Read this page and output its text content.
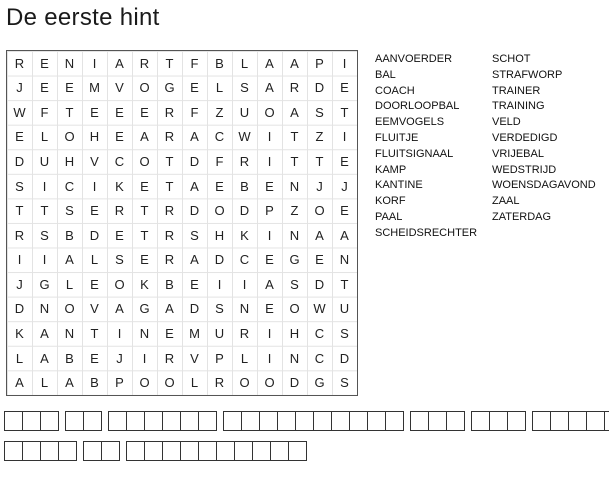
De eerste hint
R	E	N	I	A	R	T	F	B	L	A	A	P	I
J	E	E	M	V	O	G	E	L	S	A	R	D	E
W	F	T	E	E	E	R	F	Z	U	O	A	S	T
E	L	O	H	E	A	R	A	C	W	I	T	Z	I
D	U	H	V	C	O	T	D	F	R	I	T	T	E
S	I	C	I	K	E	T	A	E	B	E	N	J	J
T	T	S	E	R	T	R	D	O	D	P	Z	O	E
R	S	B	D	E	T	R	S	H	K	I	N	A	A
I	I	A	L	S	E	R	A	D	C	E	G	E	N
J	G	L	E	O	K	B	E	I	I	A	S	D	T
D	N	O	V	A	G	A	D	S	N	E	O	W	U
K	A	N	T	I	N	E	M	U	R	I	H	C	S
L	A	B	E	J	I	R	V	P	L	I	N	C	D
A	L	A	B	P	O	O	L	R	O	O	D	G	S
AANVOERDER
BAL
COACH
DOORLOOPBAL
EEMVOGELS
FLUITJE
FLUITSIGNAAL
KAMP
KANTINE
KORF
PAAL
SCHEIDSRECHTER
SCHOT
STRAFWORP
TRAINER
TRAINING
VELD
VERDEDIGD
VRIJEBAL
WEDSTRIJD
WOENSDAGAVOND
ZAAL
ZATERDAG
